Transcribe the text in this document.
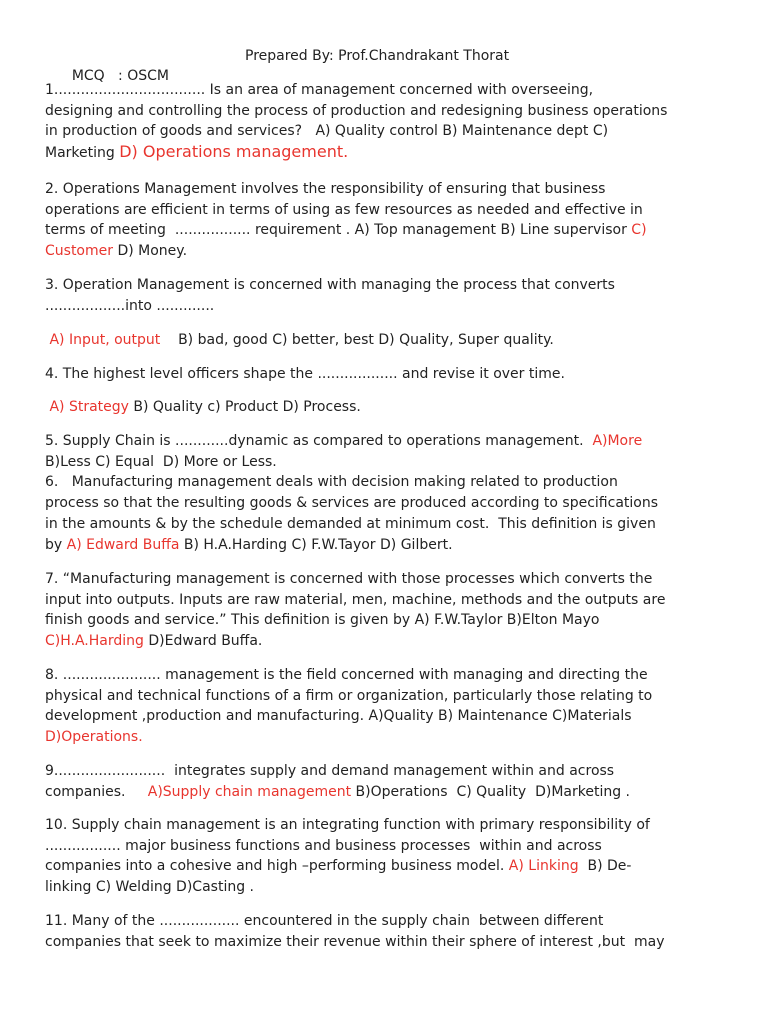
MCQ   : OSCM

Prepared By: Prof.Chandrakant Thorat

1.................................. Is an area of management concerned with overseeing,
designing and controlling the process of production and redesigning business operations
in production of goods and services?   A) Quality control B) Maintenance dept C)
Marketing D) Operations management.
2. Operations Management involves the responsibility of ensuring that business
operations are efficient in terms of using as few resources as needed and effective in
terms of meeting  ................. requirement . A) Top management B) Line supervisor C)
Customer D) Money.
3. Operation Management is concerned with managing the process that converts
..................into .............
A) Input, output    B) bad, good C) better, best D) Quality, Super quality.
4. The highest level officers shape the .................. and revise it over time.
A) Strategy B) Quality c) Product D) Process.
5. Supply Chain is ............dynamic as compared to operations management.  A)More
B)Less C) Equal  D) More or Less.
6.   Manufacturing management deals with decision making related to production
process so that the resulting goods & services are produced according to specifications
in the amounts & by the schedule demanded at minimum cost.  This definition is given
by A) Edward Buffa B) H.A.Harding C) F.W.Tayor D) Gilbert.
7. “Manufacturing management is concerned with those processes which converts the
input into outputs. Inputs are raw material, men, machine, methods and the outputs are
finish goods and service.” This definition is given by A) F.W.Taylor B)Elton Mayo
C)H.A.Harding D)Edward Buffa.
8. ...................... management is the field concerned with managing and directing the
physical and technical functions of a firm or organization, particularly those relating to
development ,production and manufacturing. A)Quality B) Maintenance C)Materials
D)Operations.
9.........................  integrates supply and demand management within and across
companies.     A)Supply chain management B)Operations  C) Quality  D)Marketing .
10. Supply chain management is an integrating function with primary responsibility of
................. major business functions and business processes  within and across
companies into a cohesive and high –performing business model. A) Linking  B) De-
linking C) Welding D)Casting .
11. Many of the .................. encountered in the supply chain  between different
companies that seek to maximize their revenue within their sphere of interest ,but  may
